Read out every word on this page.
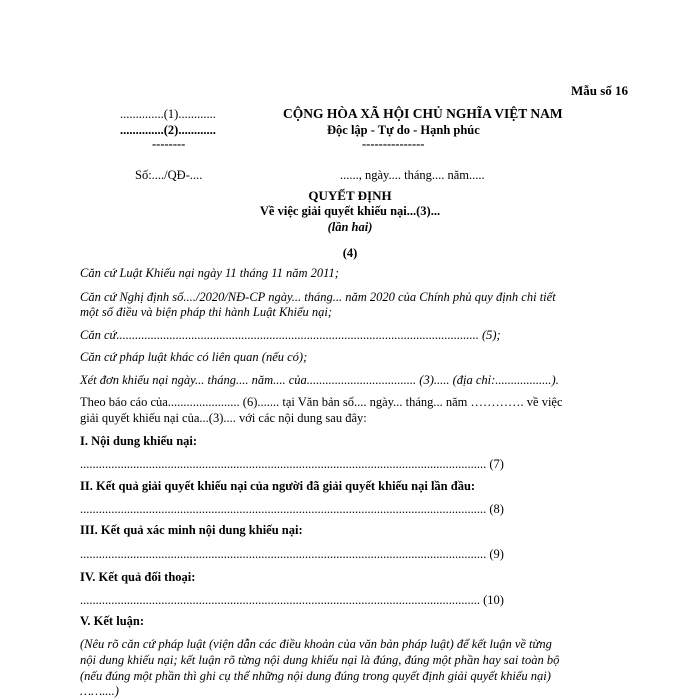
Mẫu số 16
..............(1)............
..............(2)............
--------
CỘNG HÒA XÃ HỘI CHỦ NGHĨA VIỆT NAM
Độc lập - Tự do - Hạnh phúc
---------------
Số:..../QĐ-....	......, ngày.... tháng.... năm.....
QUYẾT ĐỊNH
Về việc giải quyết khiếu nại...(3)...
(lần hai)
(4)
Căn cứ Luật Khiếu nại ngày 11 tháng 11 năm 2011;
Căn cứ Nghị định số..../2020/NĐ-CP ngày... tháng... năm 2020 của Chính phủ quy định chi tiết
một số điều và biện pháp thi hành Luật Khiếu nại;
Căn cứ.................................................................................................................... (5);
Căn cứ pháp luật khác có liên quan (nếu có);
Xét đơn khiếu nại ngày... tháng.... năm.... của................................... (3)..... (địa chỉ:..................).
Theo báo cáo của....................... (6)....... tại Văn bản số.... ngày... tháng... năm …………. về việc
giải quyết khiếu nại của...(3).... với các nội dung sau đây:
I. Nội dung khiếu nại:
.................................................................................................................................. (7)
II. Kết quả giải quyết khiếu nại của người đã giải quyết khiếu nại lần đầu:
.................................................................................................................................. (8)
III. Kết quả xác minh nội dung khiếu nại:
.................................................................................................................................. (9)
IV. Kết quả đối thoại:
................................................................................................................................ (10)
V. Kết luận:
(Nêu rõ căn cứ pháp luật (viện dẫn các điều khoản của văn bản pháp luật) để kết luận về từng
nội dung khiếu nại; kết luận rõ từng nội dung khiếu nại là đúng, đúng một phần hay sai toàn bộ
(nếu đúng một phần thì ghi cụ thể những nội dung đúng trong quyết định giải quyết khiếu nại)
……....)
